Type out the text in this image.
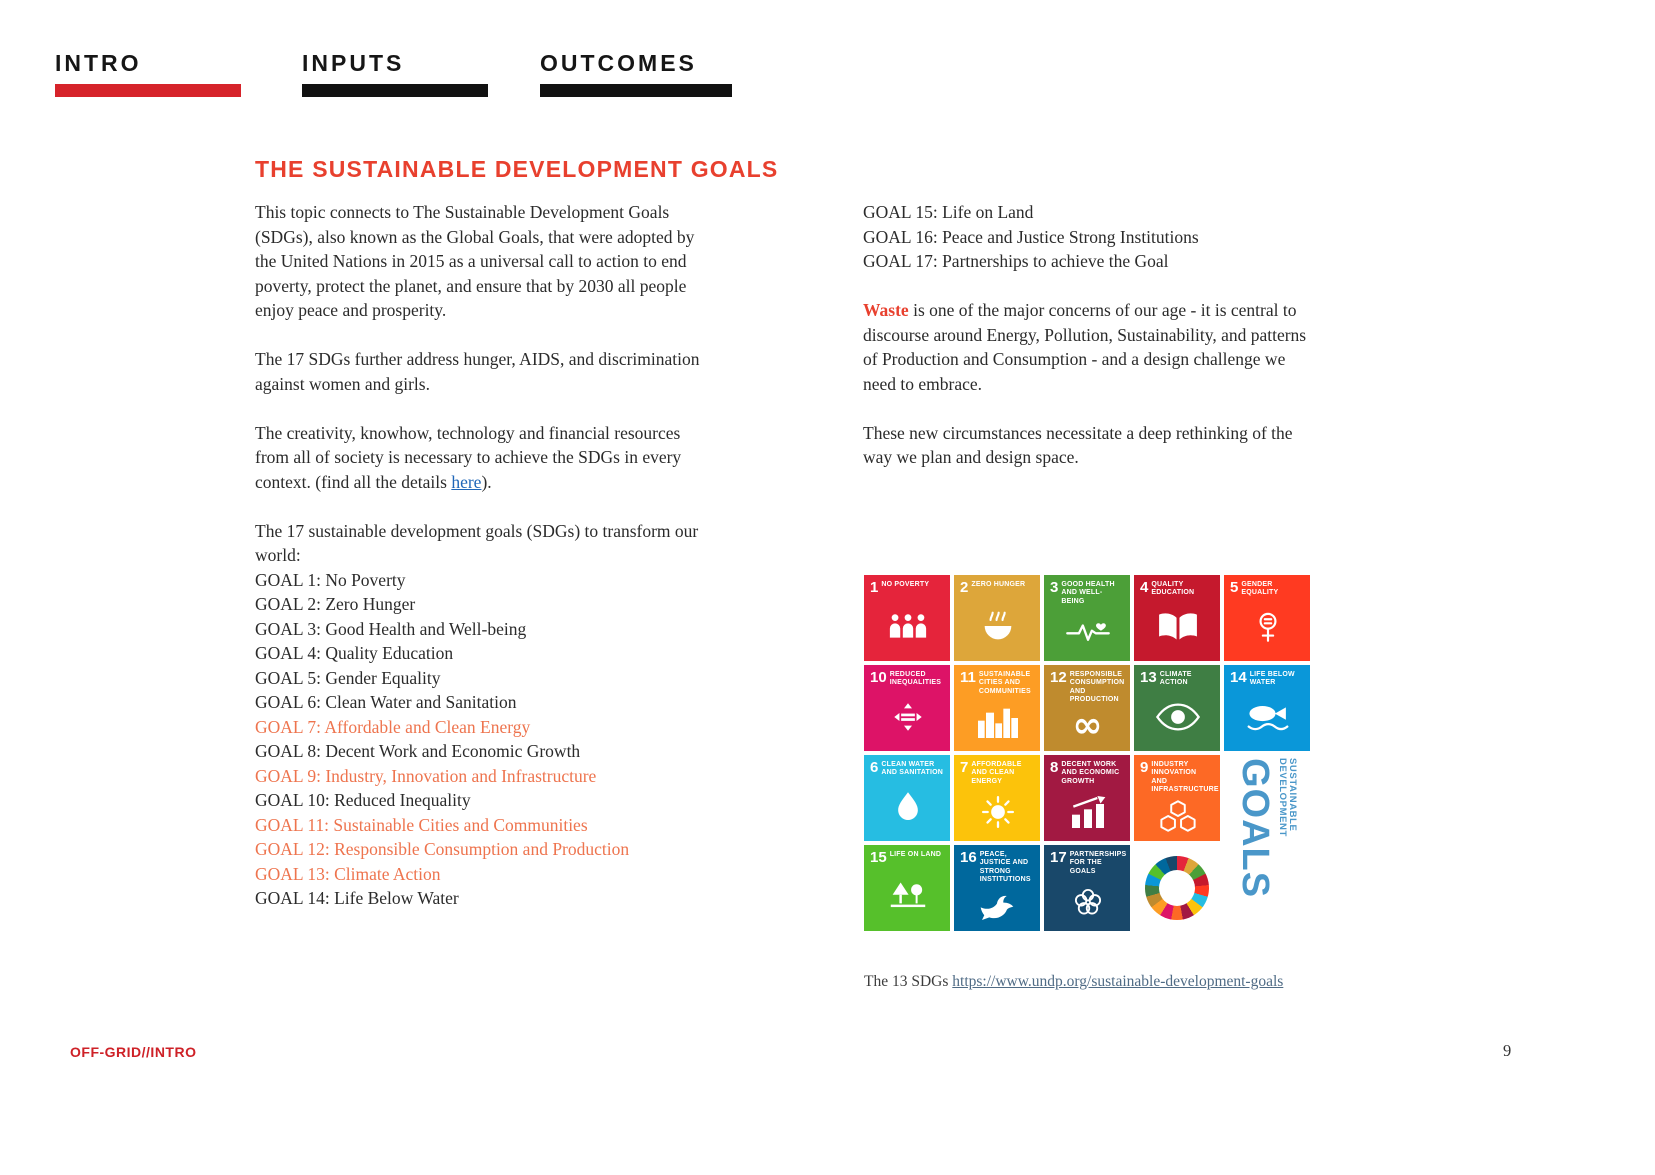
INTRO	INPUTS	OUTCOMES
THE SUSTAINABLE DEVELOPMENT GOALS

This topic connects to The Sustainable Development Goals (SDGs), also known as the Global Goals, that were adopted by the United Nations in 2015 as a universal call to action to end poverty, protect the planet, and ensure that by 2030 all people enjoy peace and prosperity.

The 17 SDGs further address hunger, AIDS, and discrimination against women and girls.

The creativity, knowhow, technology and financial resources from all of society is necessary to achieve the SDGs in every context. (find all the details here).

The 17 sustainable development goals (SDGs) to transform our world:

GOAL 1: No Poverty
GOAL 2: Zero Hunger
GOAL 3: Good Health and Well-being
GOAL 4: Quality Education
GOAL 5: Gender Equality
GOAL 6: Clean Water and Sanitation
GOAL 7: Affordable and Clean Energy
GOAL 8: Decent Work and Economic Growth
GOAL 9: Industry, Innovation and Infrastructure
GOAL 10: Reduced Inequality
GOAL 11: Sustainable Cities and Communities
GOAL 12: Responsible Consumption and Production
GOAL 13: Climate Action
GOAL 14: Life Below Water
GOAL 15: Life on Land
GOAL 16: Peace and Justice Strong Institutions
GOAL 17: Partnerships to achieve the Goal

Waste is one of the major concerns of our age - it is central to discourse around Energy, Pollution, Sustainability, and patterns of Production and Consumption - and a design challenge we need to embrace.

These new circumstances necessitate a deep rethinking of the way we plan and design space.

1 NO POVERTY 2 ZERO HUNGER 3 GOOD HEALTH AND WELL-BEING
4 QUALITY EDUCATION	5 GENDER EQUALITY
10 REDUCED INEQUALITIES 11 SUSTAINABLE CITIES AND COMMUNITIES
12 RESPONSIBLE CONSUMPTION AND PRODUCTION
∞
13 CLIMATE ACTION	14 LIFE BELOW WATER
6 CLEAN WATER AND SANITATION 7 AFFORDABLE AND CLEAN ENERGY
8 DECENT WORK AND ECONOMIC GROWTH
9 INDUSTRY INNOVATION AND INFRASTRUCTURE	SUSTAINABLE
DEVELOPMENT
GOALS
15 LIFE ON LAND 16 PEACE, JUSTICE AND STRONG INSTITUTIONS
17 PARTNERSHIPS FOR THE GOALS
The 13 SDGs https://www.undp.org/sustainable-development-goals
OFF-GRID//INTRO	9
